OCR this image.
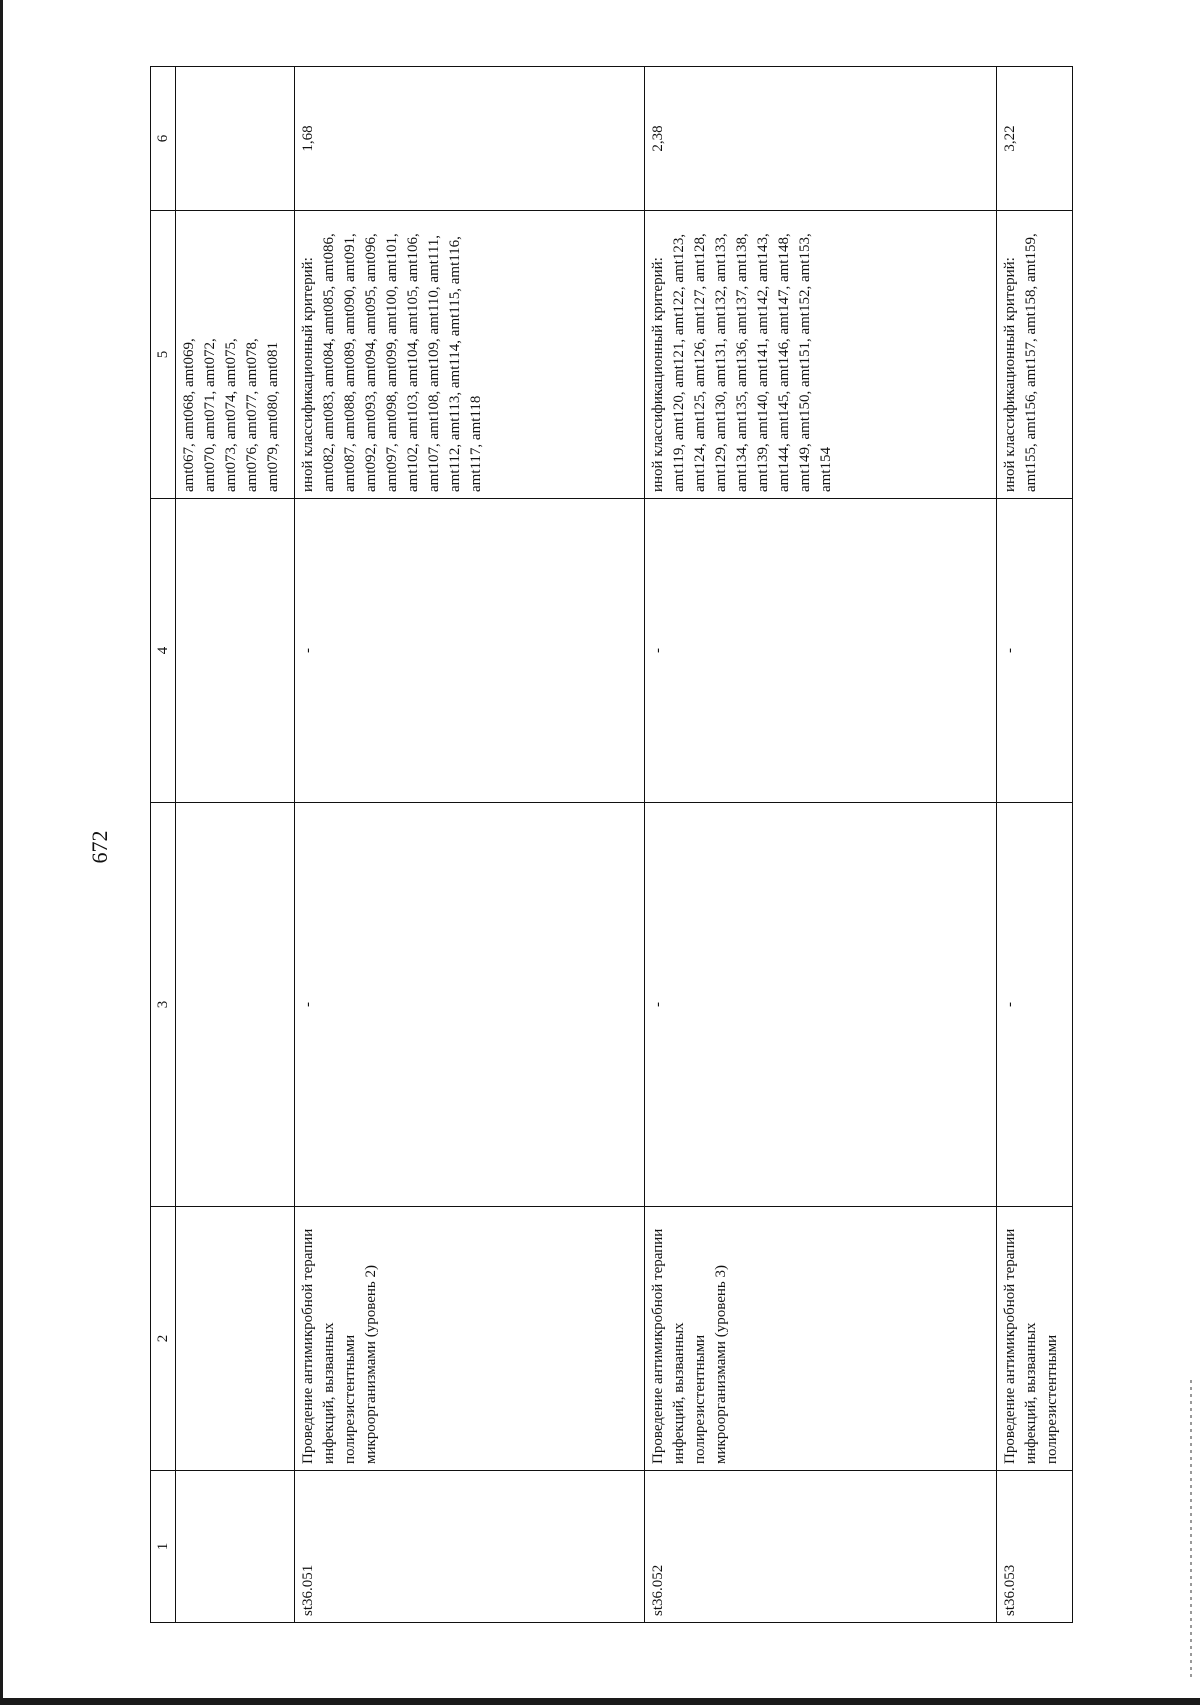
672
1	2	3	4	5	6
				amt067, amt068, amt069,
amt070, amt071, amt072,
amt073, amt074, amt075,
amt076, amt077, amt078,
amt079, amt080, amt081	
st36.051	Проведение антимикробной терапии инфекций, вызванных полирезистентными микроорганизмами (уровень 2)	-	-	иной классификационный критерий: amt082, amt083, amt084, amt085, amt086, amt087, amt088, amt089, amt090, amt091, amt092, amt093, amt094, amt095, amt096, amt097, amt098, amt099, amt100, amt101, amt102, amt103, amt104, amt105, amt106, amt107, amt108, amt109, amt110, amt111, amt112, amt113, amt114, amt115, amt116, amt117, amt118	1,68
st36.052	Проведение антимикробной терапии инфекций, вызванных полирезистентными микроорганизмами (уровень 3)	-	-	иной классификационный критерий: amt119, amt120, amt121, amt122, amt123, amt124, amt125, amt126, amt127, amt128, amt129, amt130, amt131, amt132, amt133, amt134, amt135, amt136, amt137, amt138, amt139, amt140, amt141, amt142, amt143, amt144, amt145, amt146, amt147, amt148, amt149, amt150, amt151, amt152, amt153, amt154	2,38
st36.053	Проведение антимикробной терапии инфекций, вызванных полирезистентными	-	-	иной классификационный критерий: amt155, amt156, amt157, amt158, amt159,	3,22
